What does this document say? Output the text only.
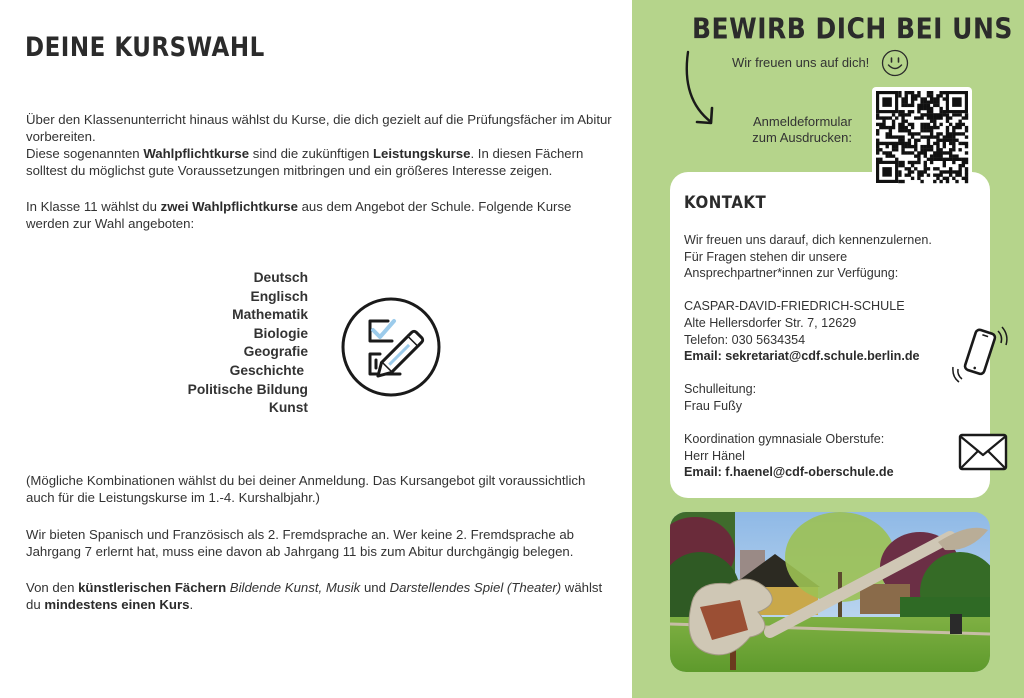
DEINE KURSWAHL
Über den Klassenunterricht hinaus wählst du Kurse, die dich gezielt auf die Prüfungsfächer im Abitur vorbereiten.
Diese sogenannten Wahlpflichtkurse sind die zukünftigen Leistungskurse. In diesen Fächern solltest du möglichst gute Voraussetzungen mitbringen und ein größeres Interesse zeigen.
In Klasse 11 wählst du zwei Wahlpflichtkurse aus dem Angebot der Schule. Folgende Kurse werden zur Wahl angeboten:
Deutsch
Englisch
Mathematik
Biologie
Geografie
Geschichte
Politische Bildung
Kunst
(Mögliche Kombinationen wählst du bei deiner Anmeldung. Das Kursangebot gilt voraussichtlich auch für die Leistungskurse im 1.-4. Kurshalbjahr.)
Wir bieten Spanisch und Französisch als 2. Fremdsprache an. Wer keine 2. Fremdsprache ab Jahrgang 7 erlernt hat, muss eine davon ab Jahrgang 11 bis zum Abitur durchgängig belegen.
Von den künstlerischen Fächern Bildende Kunst, Musik und Darstellendes Spiel (Theater) wählst du mindestens einen Kurs.
BEWIRB DICH BEI UNS
Wir freuen uns auf dich!
Anmeldeformular
zum Ausdrucken:
KONTAKT
Wir freuen uns darauf, dich kennenzulernen.
Für Fragen stehen dir unsere
Ansprechpartner*innen zur Verfügung:
CASPAR-DAVID-FRIEDRICH-SCHULE
Alte Hellersdorfer Str. 7, 12629
Telefon: 030 5634354
Email: sekretariat@cdf.schule.berlin.de
Schulleitung:
Frau Fußy
Koordination gymnasiale Oberstufe:
Herr Hänel
Email: f.haenel@cdf-oberschule.de
